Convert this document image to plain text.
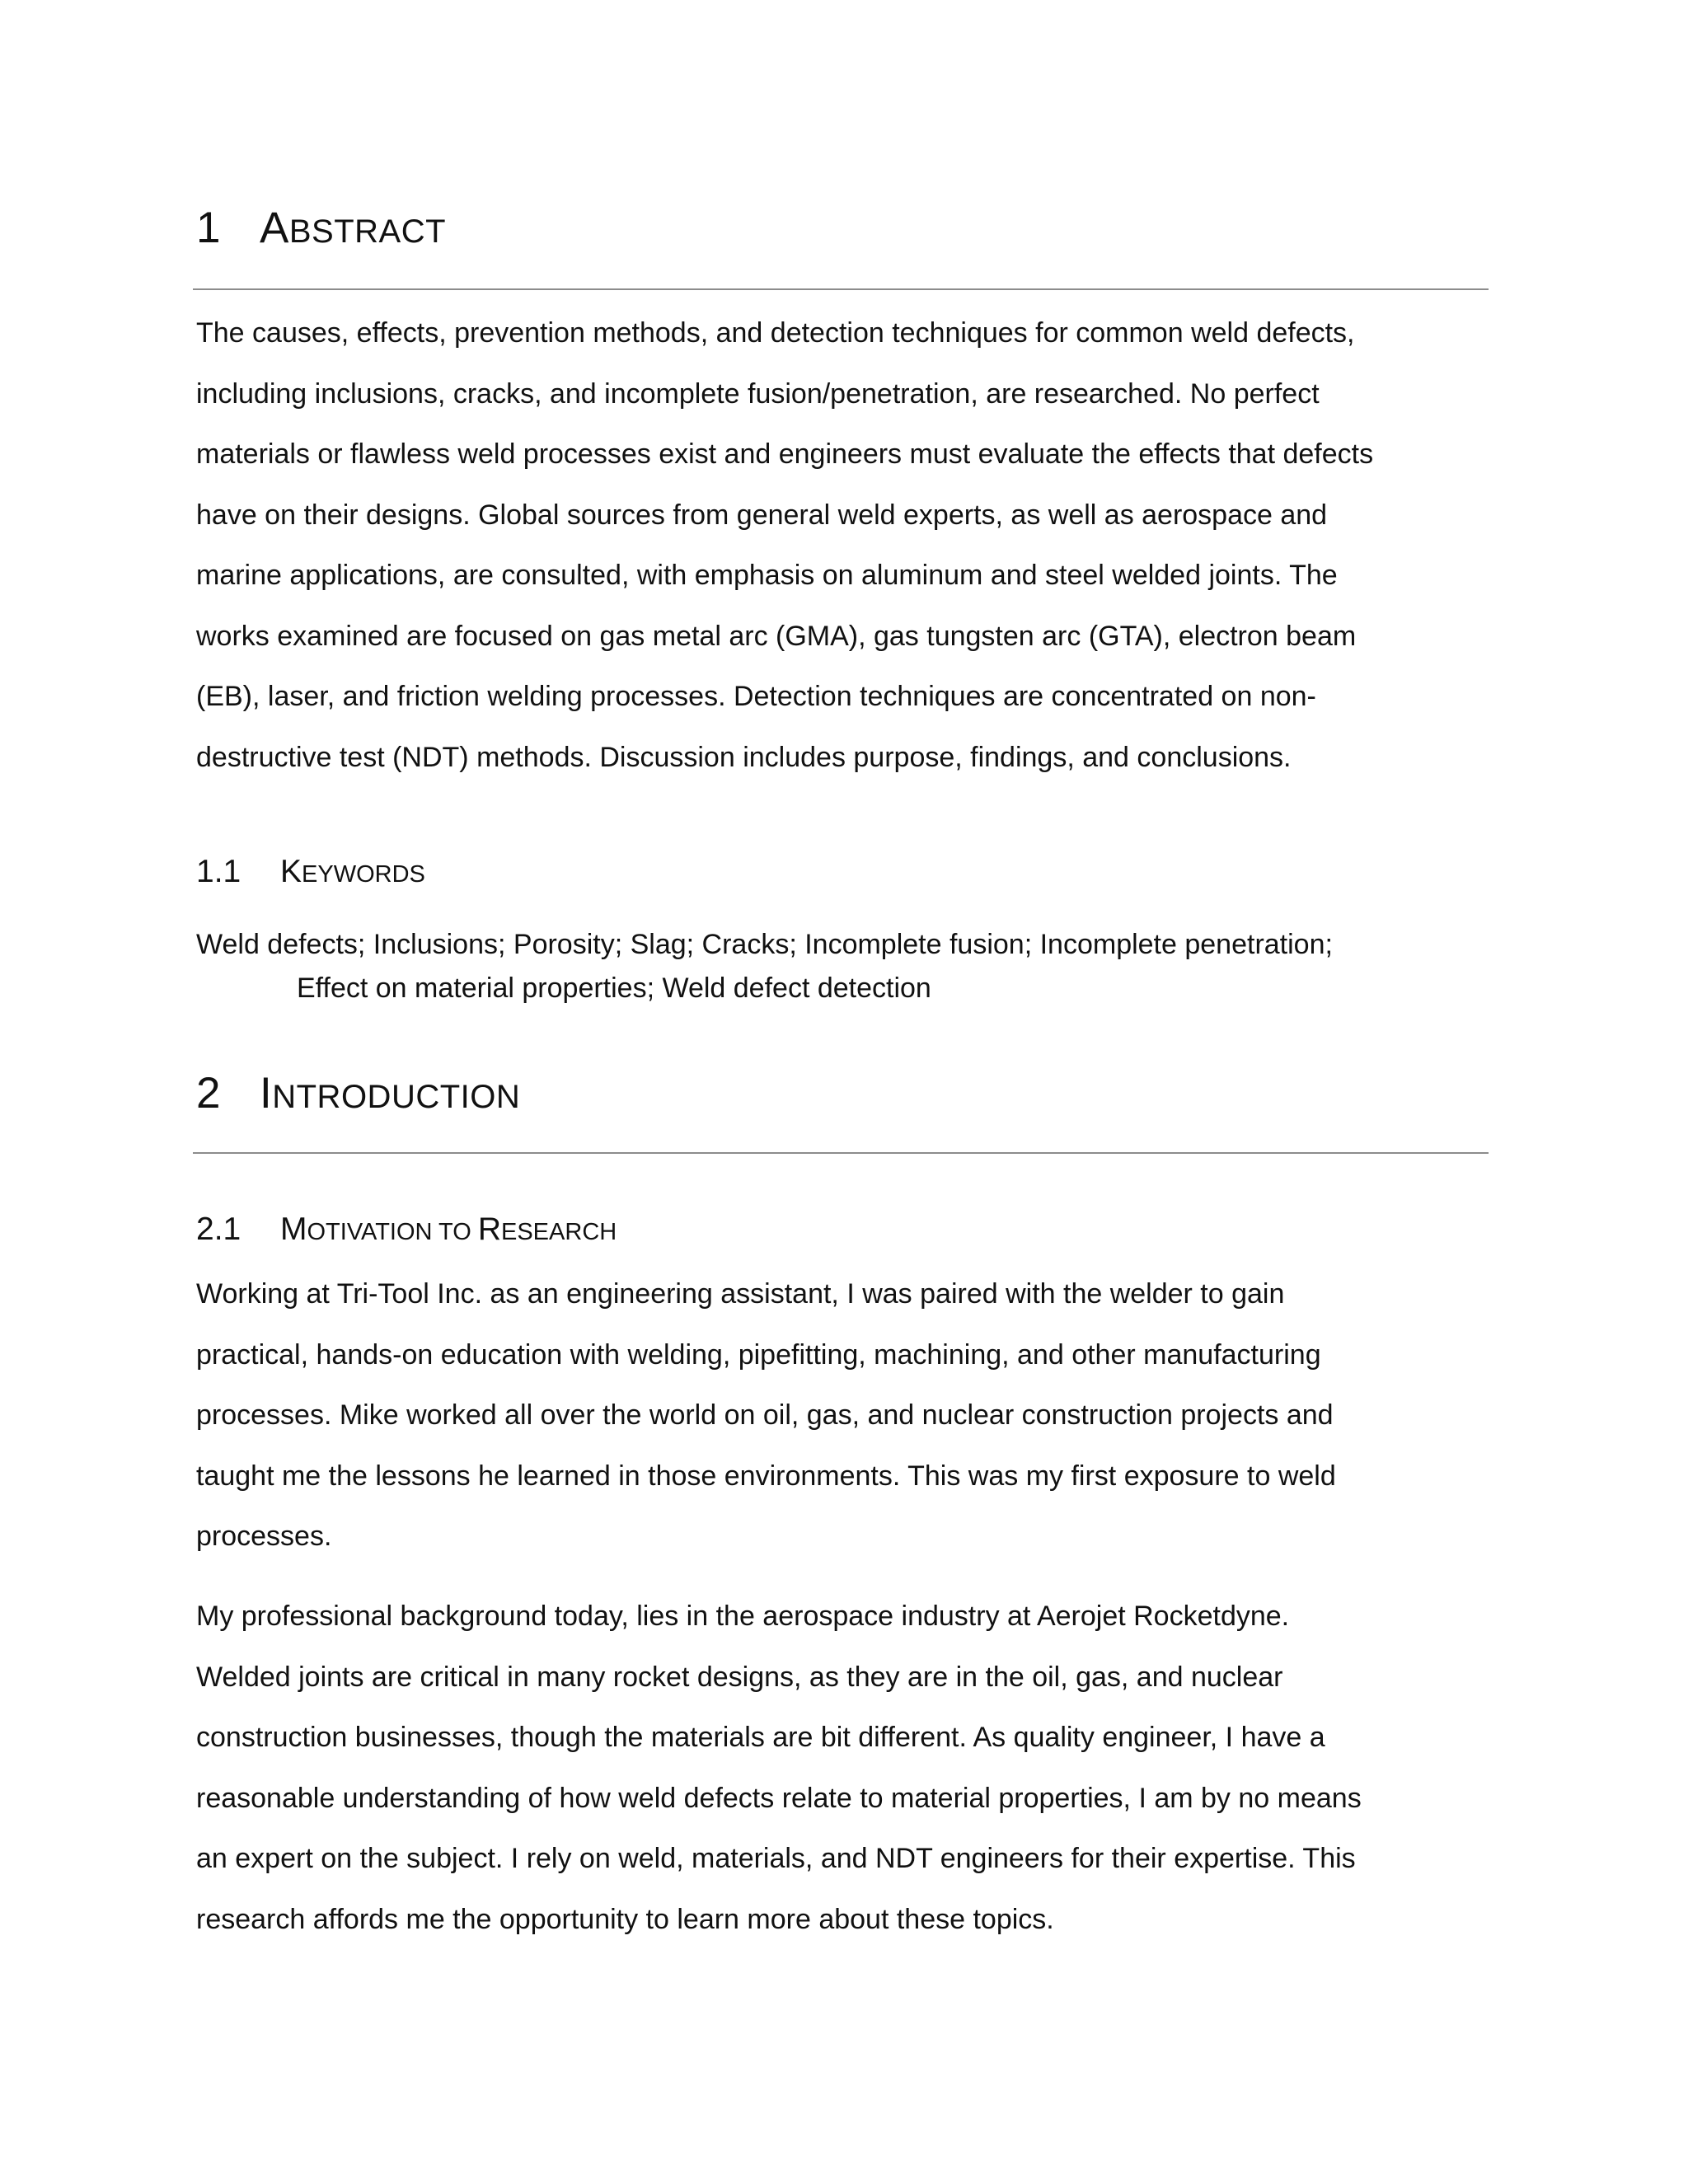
1 ABSTRACT
The causes, effects, prevention methods, and detection techniques for common weld defects,
including inclusions, cracks, and incomplete fusion/penetration, are researched. No perfect
materials or flawless weld processes exist and engineers must evaluate the effects that defects
have on their designs. Global sources from general weld experts, as well as aerospace and
marine applications, are consulted, with emphasis on aluminum and steel welded joints. The
works examined are focused on gas metal arc (GMA), gas tungsten arc (GTA), electron beam
(EB), laser, and friction welding processes. Detection techniques are concentrated on non-
destructive test (NDT) methods. Discussion includes purpose, findings, and conclusions.
1.1 KEYWORDS
Weld defects; Inclusions; Porosity; Slag; Cracks; Incomplete fusion; Incomplete penetration;
Effect on material properties; Weld defect detection
2 INTRODUCTION
2.1 MOTIVATION TO RESEARCH
Working at Tri-Tool Inc. as an engineering assistant, I was paired with the welder to gain
practical, hands-on education with welding, pipefitting, machining, and other manufacturing
processes. Mike worked all over the world on oil, gas, and nuclear construction projects and
taught me the lessons he learned in those environments. This was my first exposure to weld
processes.
My professional background today, lies in the aerospace industry at Aerojet Rocketdyne.
Welded joints are critical in many rocket designs, as they are in the oil, gas, and nuclear
construction businesses, though the materials are bit different. As quality engineer, I have a
reasonable understanding of how weld defects relate to material properties, I am by no means
an expert on the subject. I rely on weld, materials, and NDT engineers for their expertise. This
research affords me the opportunity to learn more about these topics.
